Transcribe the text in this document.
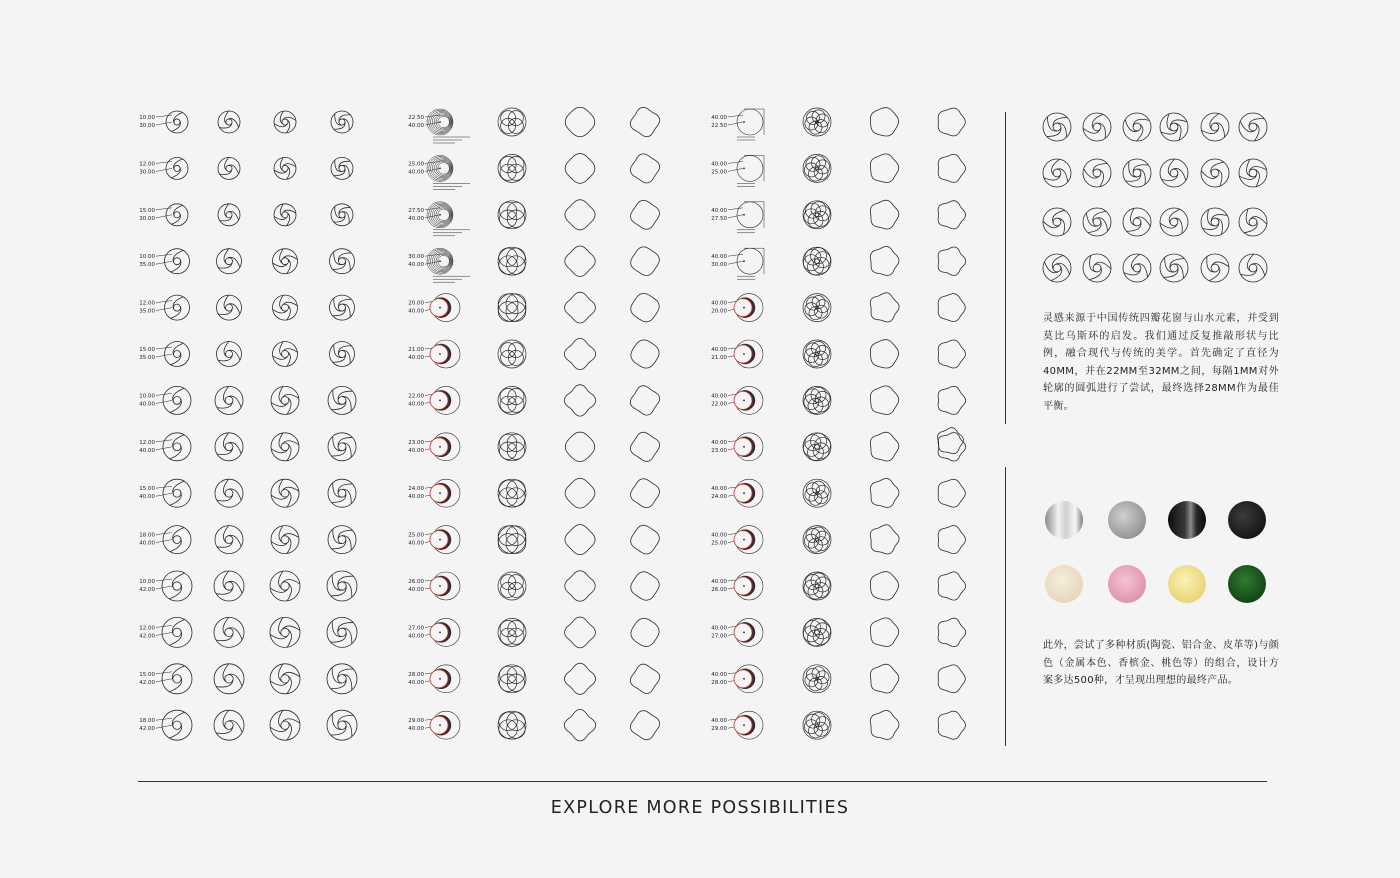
10.00
30.00
12.00
30.00
15.00
30.00
10.00
35.00
12.00
35.00
15.00
35.00
10.00
40.00
12.00
40.00
15.00
40.00
18.00
40.00
10.00
42.00
12.00
42.00
15.00
42.00
18.00
42.00
22.50
40.00
25.00
40.00
27.50
40.00
30.00
40.00
20.00
40.00
21.00
40.00
22.00
40.00
23.00
40.00
24.00
40.00
25.00
40.00
26.00
40.00
27.00
40.00
28.00
40.00
29.00
40.00
40.00
22.50
40.00
25.00
40.00
27.50
40.00
30.00
40.00
20.00
40.00
21.00
40.00
22.00
40.00
23.00
40.00
24.00
40.00
25.00
40.00
26.00
40.00
27.00
40.00
28.00
40.00
29.00
灵感来源于中国传统四瓣花窗与山水元素，并受到莫比乌斯环的启发。我们通过反复推敲形状与比例，融合现代与传统的美学。首先确定了直径为40MM，并在22MM至32MM之间，每隔1MM对外轮廓的圆弧进行了尝试，最终选择28MM作为最佳平衡。
此外，尝试了多种材质(陶瓷、铝合金、皮革等)与颜色（金属本色、香槟金、桃色等）的组合，设计方案多达500种，才呈现出理想的最终产品。
EXPLORE MORE POSSIBILITIES
